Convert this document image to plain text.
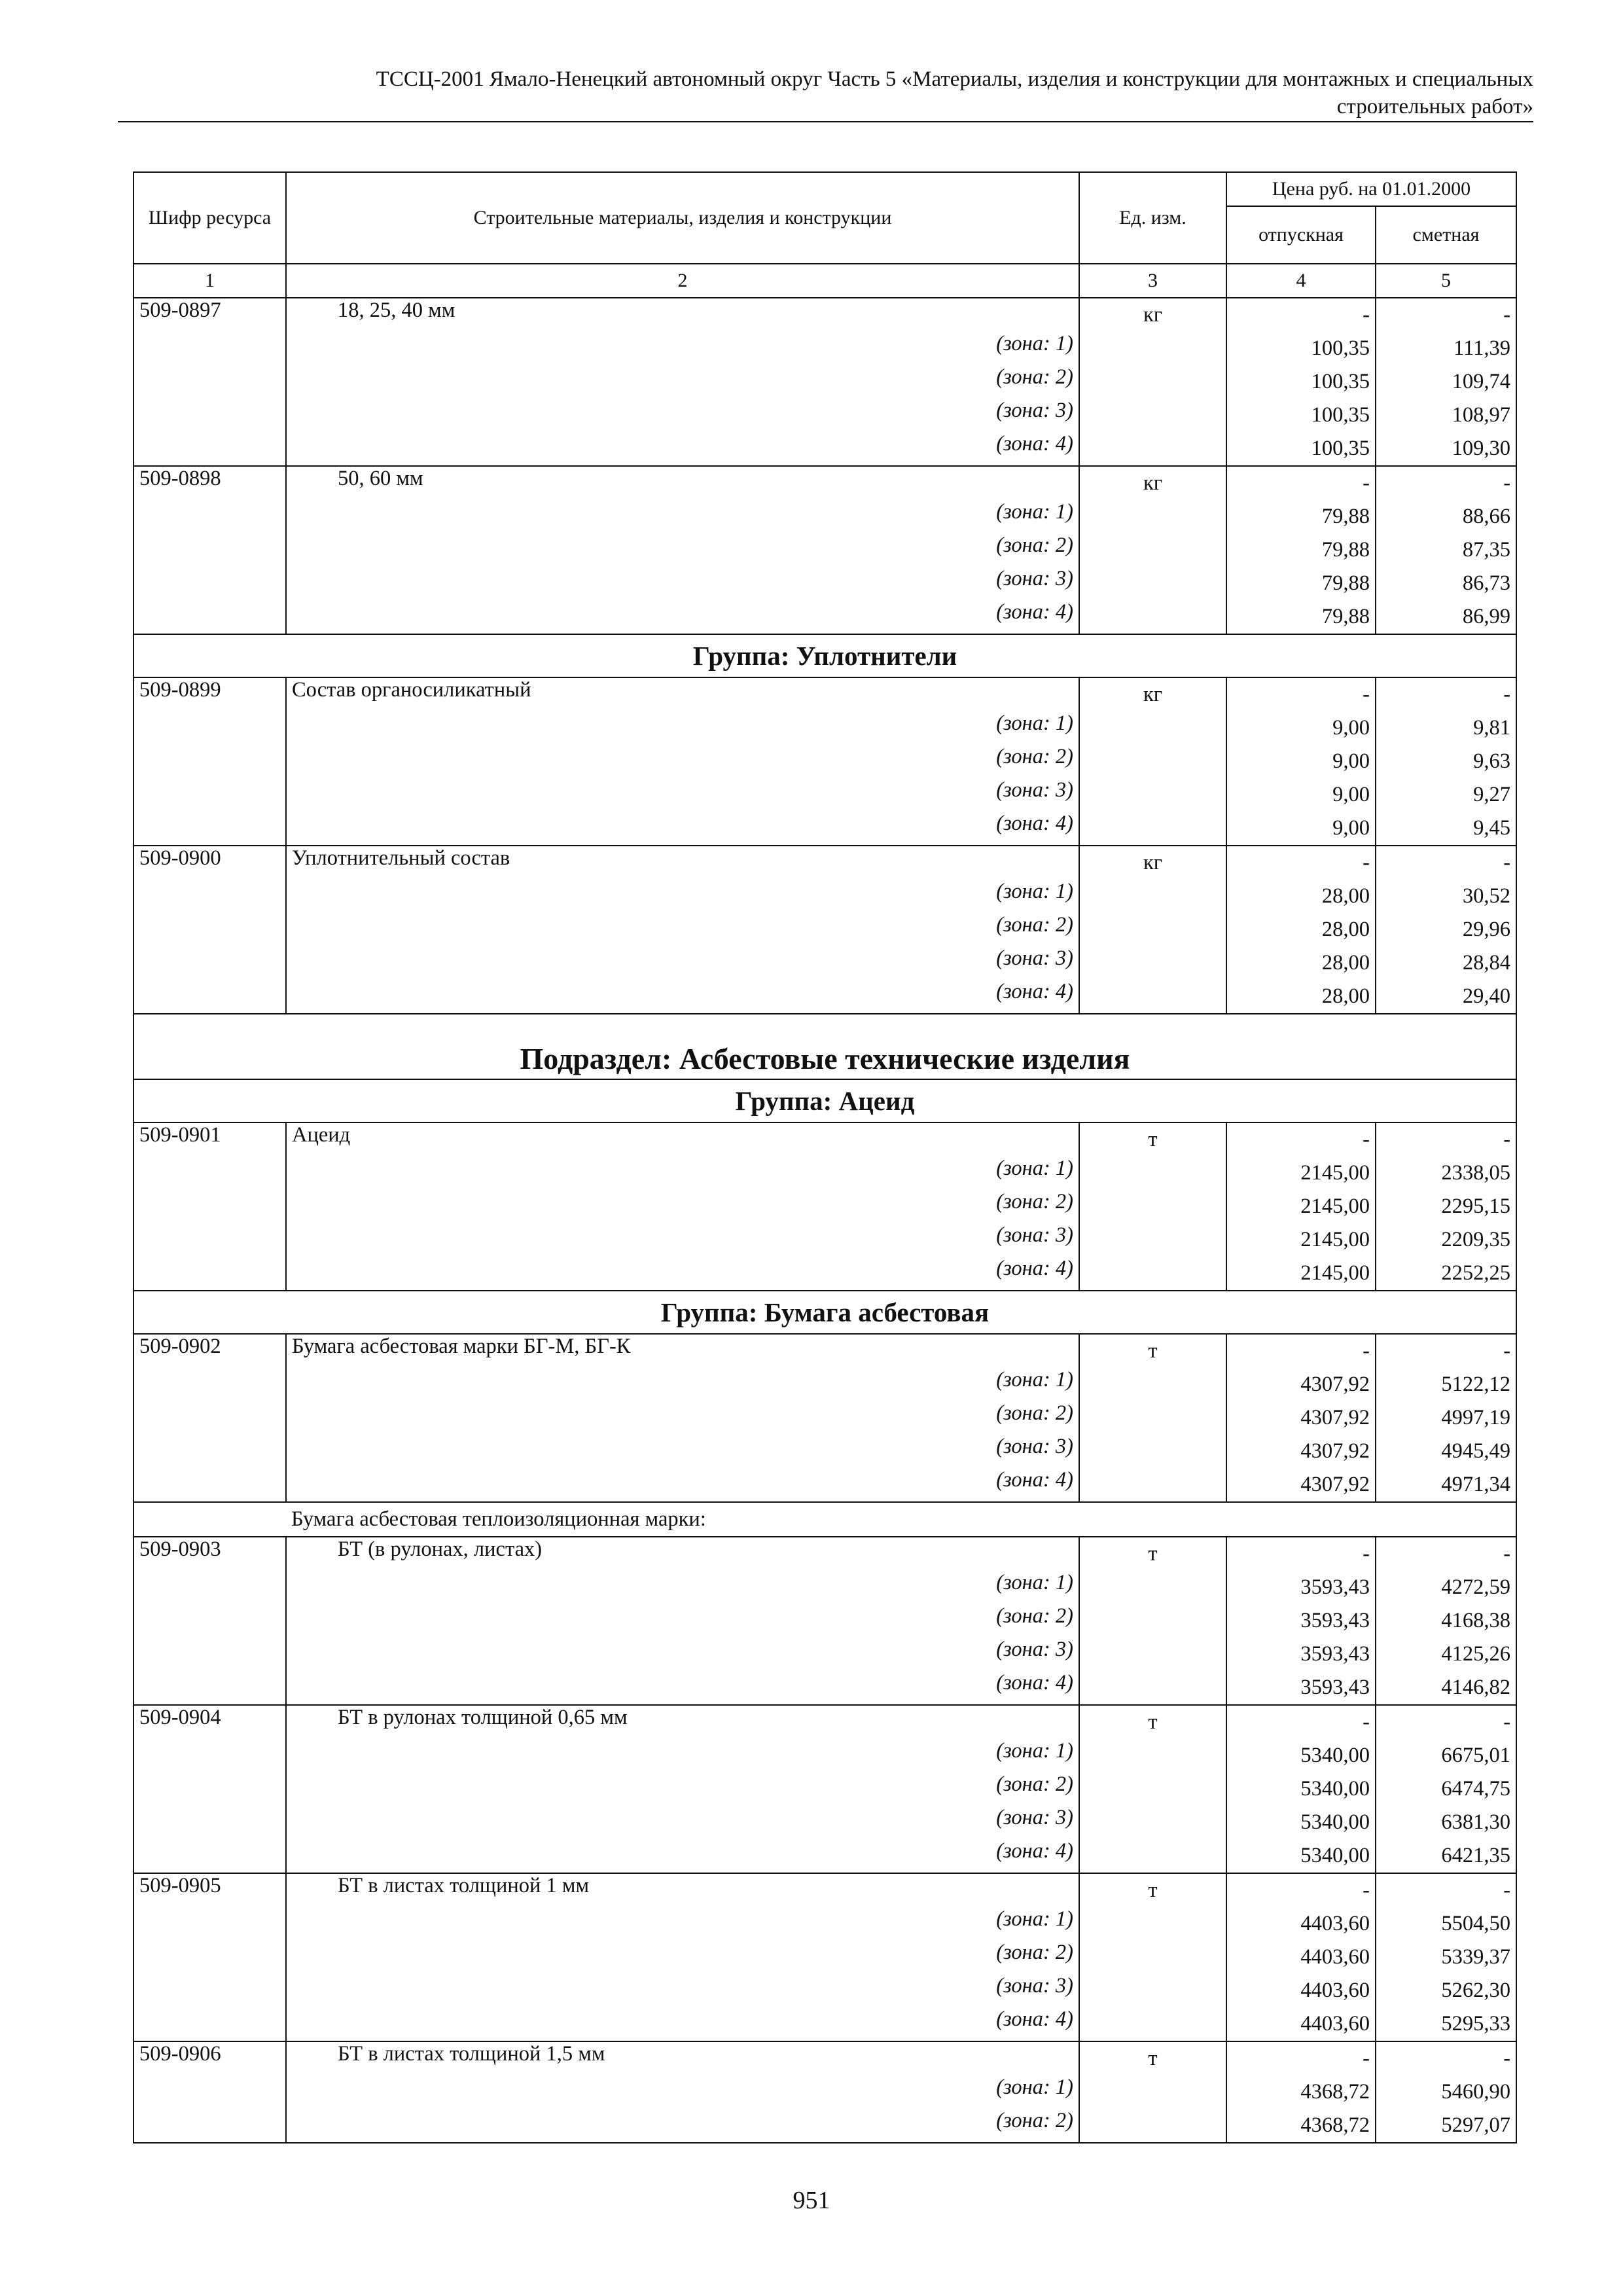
ТССЦ-2001 Ямало-Ненецкий автономный округ Часть 5 «Материалы, изделия и конструкции для монтажных и специальных
строительных работ»
Шифр ресурса	Строительные материалы, изделия и конструкции	Ед. изм.	Цена руб. на 01.01.2000	
			отпускная	сметная
1	2	3	4	5
509-0897	18, 25, 40 мм	кг	-	-
	(зона: 1)		100,35	111,39
	(зона: 2)		100,35	109,74
	(зона: 3)		100,35	108,97
	(зона: 4)		100,35	109,30
509-0898	50, 60 мм	кг	-	-
	(зона: 1)		79,88	88,66
	(зона: 2)		79,88	87,35
	(зона: 3)		79,88	86,73
	(зона: 4)		79,88	86,99
Группа: Уплотнители				
509-0899	Состав органосиликатный	кг	-	-
	(зона: 1)		9,00	9,81
	(зона: 2)		9,00	9,63
	(зона: 3)		9,00	9,27
	(зона: 4)		9,00	9,45
509-0900	Уплотнительный состав	кг	-	-
	(зона: 1)		28,00	30,52
	(зона: 2)		28,00	29,96
	(зона: 3)		28,00	28,84
	(зона: 4)		28,00	29,40
Подраздел: Асбестовые технические изделия				
Группа: Ацеид				
509-0901	Ацеид	т	-	-
	(зона: 1)		2145,00	2338,05
	(зона: 2)		2145,00	2295,15
	(зона: 3)		2145,00	2209,35
	(зона: 4)		2145,00	2252,25
Группа: Бумага асбестовая				
509-0902	Бумага асбестовая марки БГ-М, БГ-К	т	-	-
	(зона: 1)		4307,92	5122,12
	(зона: 2)		4307,92	4997,19
	(зона: 3)		4307,92	4945,49
	(зона: 4)		4307,92	4971,34
	Бумага асбестовая теплоизоляционная марки:			
509-0903	БТ (в рулонах, листах)	т	-	-
	(зона: 1)		3593,43	4272,59
	(зона: 2)		3593,43	4168,38
	(зона: 3)		3593,43	4125,26
	(зона: 4)		3593,43	4146,82
509-0904	БТ в рулонах толщиной 0,65 мм	т	-	-
	(зона: 1)		5340,00	6675,01
	(зона: 2)		5340,00	6474,75
	(зона: 3)		5340,00	6381,30
	(зона: 4)		5340,00	6421,35
509-0905	БТ в листах толщиной 1 мм	т	-	-
	(зона: 1)		4403,60	5504,50
	(зона: 2)		4403,60	5339,37
	(зона: 3)		4403,60	5262,30
	(зона: 4)		4403,60	5295,33
509-0906	БТ в листах толщиной 1,5 мм	т	-	-
	(зона: 1)		4368,72	5460,90
	(зона: 2)		4368,72	5297,07
951
